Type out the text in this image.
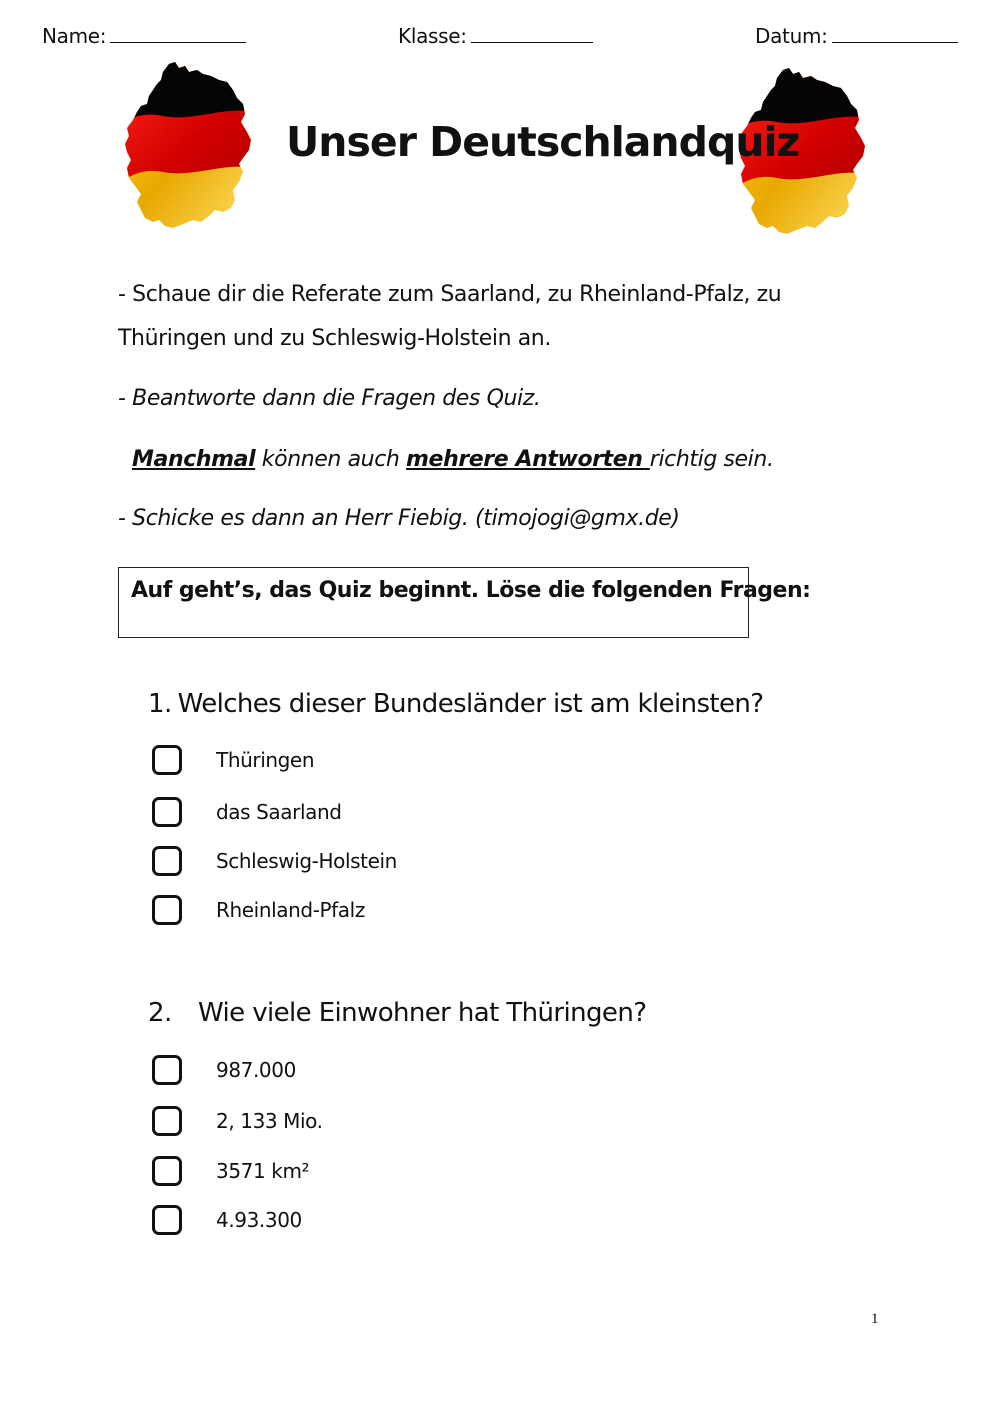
Name:	Klasse:	Datum:
Unser Deutschlandquiz
- Schaue dir die Referate zum Saarland, zu Rheinland-Pfalz, zu
Thüringen und zu Schleswig-Holstein an.
- Beantworte dann die Fragen des Quiz.
Manchmal können auch mehrere Antworten richtig sein.
- Schicke es dann an Herr Fiebig. (timojogi@gmx.de)
Auf geht’s, das Quiz beginnt. Löse die folgenden Fragen:
1. Welches dieser Bundesländer ist am kleinsten?
Thüringen
das Saarland
Schleswig-Holstein
Rheinland-Pfalz
2. Wie viele Einwohner hat Thüringen?
987.000
2, 133 Mio.
3571 km²
4.93.300
1
